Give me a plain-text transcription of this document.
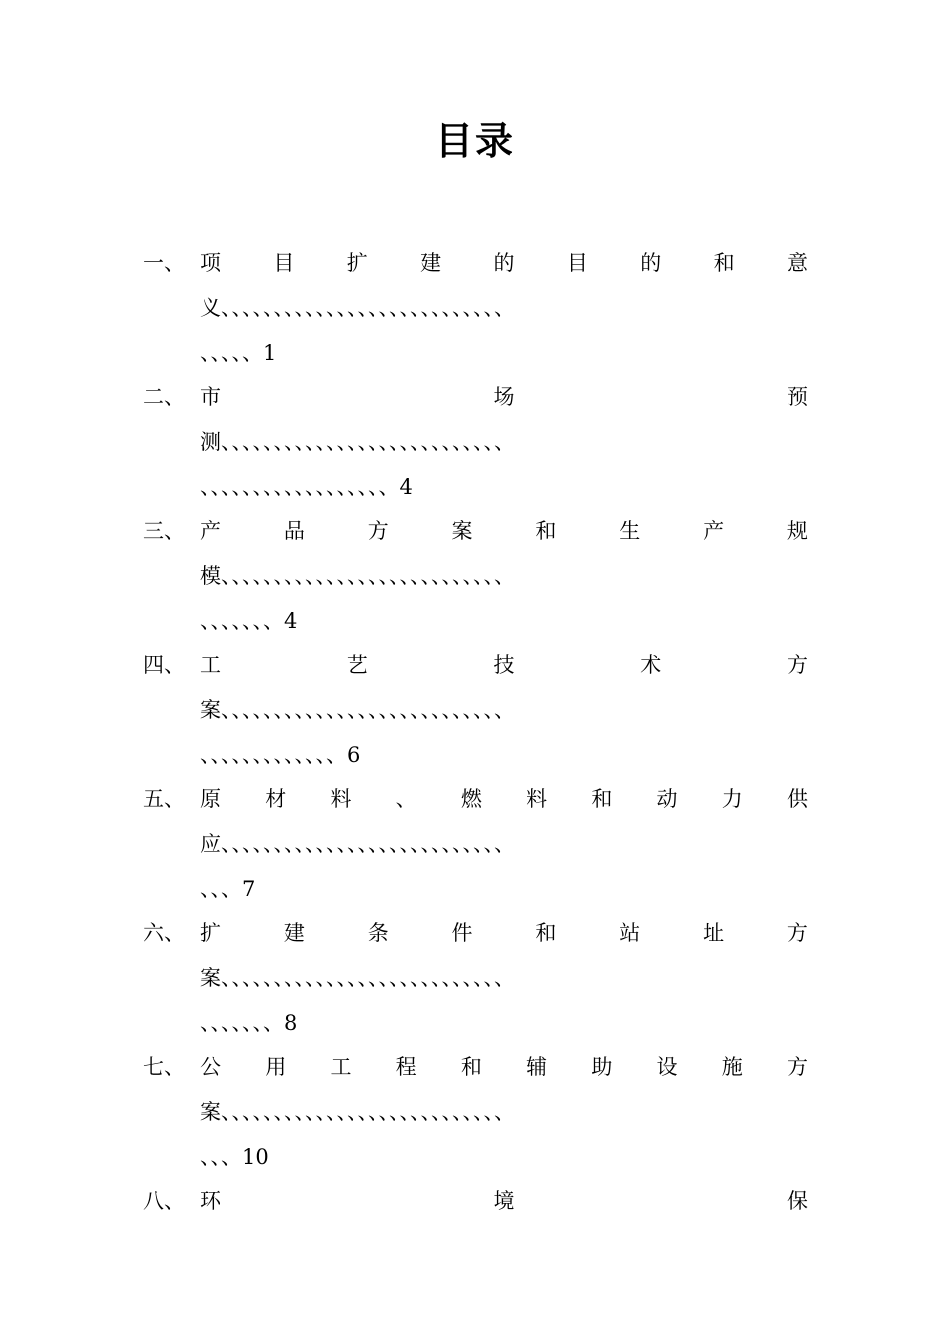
目录
一、 项 目 扩 建 的 目 的 和 意
义、、、、、、、、、、、、、、、、、、、、、、、、、、、
、、、、、1
二、 市	场	预
测、、、、、、、、、、、、、、、、、、、、、、、、、、、
、、、、、、、、、、、、、、、、、、4
三、 产	品	方	案	和	生	产	规
模、、、、、、、、、、、、、、、、、、、、、、、、、、、
、、、、、、、4
四、 工	艺	技	术	方
案、、、、、、、、、、、、、、、、、、、、、、、、、、、
、、、、、、、、、、、、、6
五、 原 材 料 、 燃 料 和 动 力 供
应、、、、、、、、、、、、、、、、、、、、、、、、、、、
、、、7
六、 扩	建	条	件	和	站	址	方
案、、、、、、、、、、、、、、、、、、、、、、、、、、、
、、、、、、、8
七、 公 用 工 程 和 辅 助 设 施 方
案、、、、、、、、、、、、、、、、、、、、、、、、、、、
、、、10
八、 环	境	保
